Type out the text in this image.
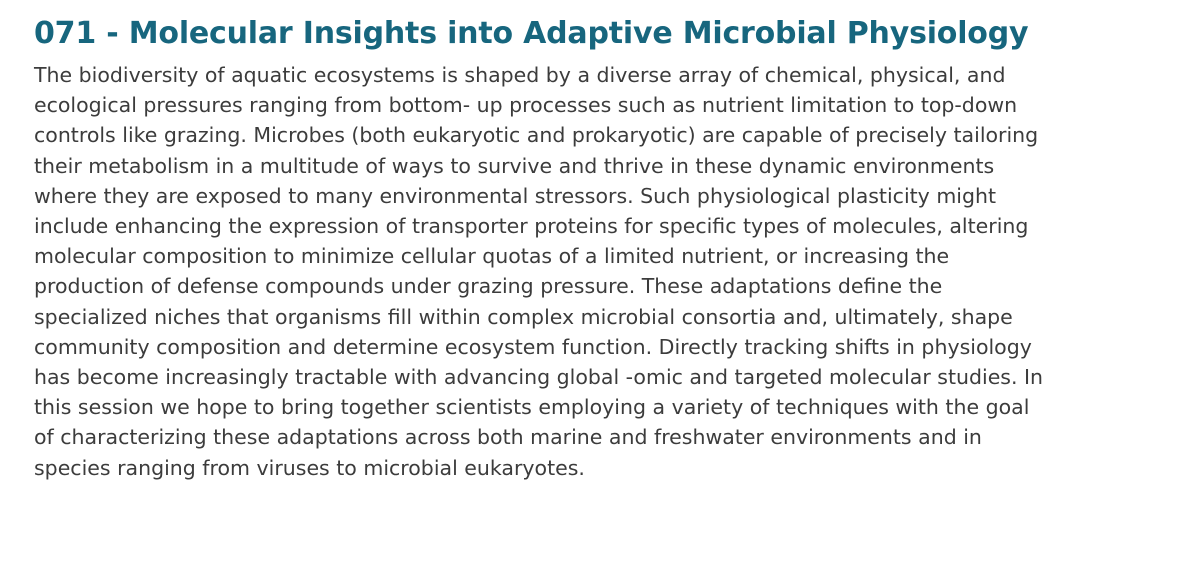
071 - Molecular Insights into Adaptive Microbial Physiology

The biodiversity of aquatic ecosystems is shaped by a diverse array of chemical, physical, and
ecological pressures ranging from bottom- up processes such as nutrient limitation to top-down
controls like grazing. Microbes (both eukaryotic and prokaryotic) are capable of precisely tailoring
their metabolism in a multitude of ways to survive and thrive in these dynamic environments
where they are exposed to many environmental stressors. Such physiological plasticity might
include enhancing the expression of transporter proteins for specific types of molecules, altering
molecular composition to minimize cellular quotas of a limited nutrient, or increasing the
production of defense compounds under grazing pressure. These adaptations define the
specialized niches that organisms fill within complex microbial consortia and, ultimately, shape
community composition and determine ecosystem function. Directly tracking shifts in physiology
has become increasingly tractable with advancing global -omic and targeted molecular studies. In
this session we hope to bring together scientists employing a variety of techniques with the goal
of characterizing these adaptations across both marine and freshwater environments and in
species ranging from viruses to microbial eukaryotes.
